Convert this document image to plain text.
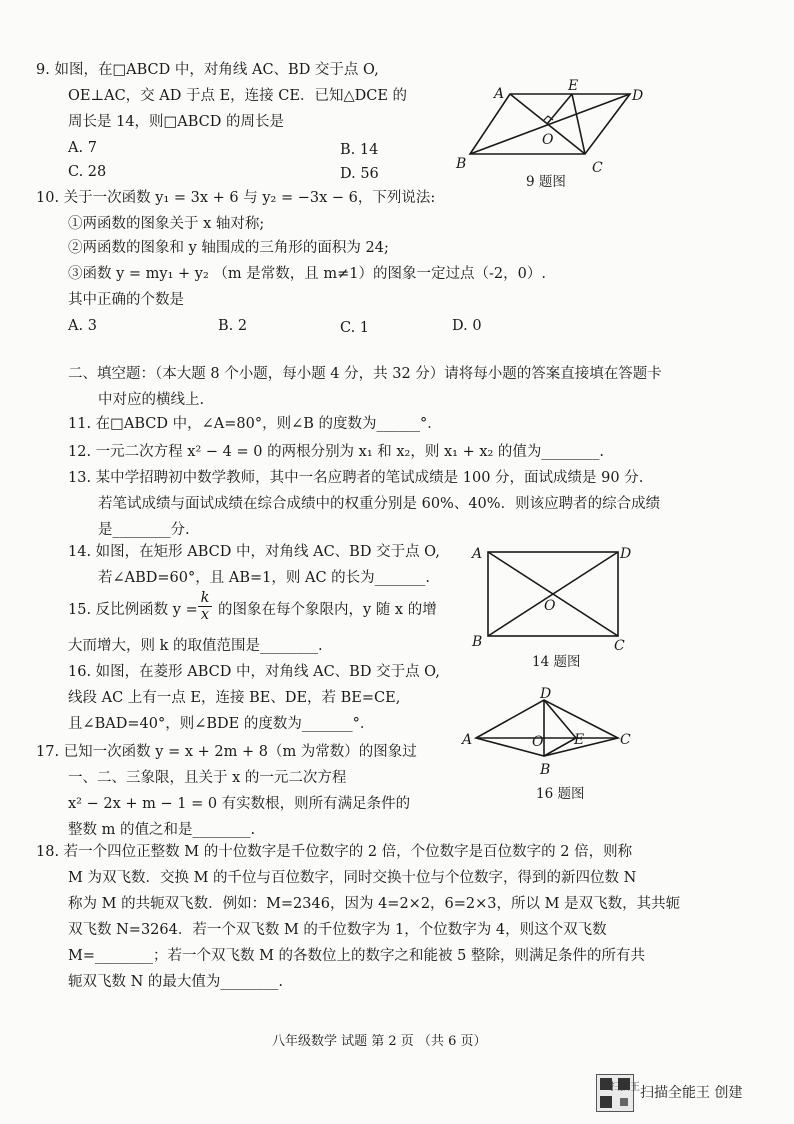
9. 如图，在□ABCD 中，对角线 AC、BD 交于点 O,
OE⊥AC，交 AD 于点 E，连接 CE．已知△DCE 的
周长是 14，则□ABCD 的周长是
A. 7	B. 14
C. 28	D. 56
A	E
D
O
B	C
9 题图
10. 关于一次函数 y₁ = 3x + 6 与 y₂ = −3x − 6，下列说法:
①两函数的图象关于 x 轴对称;
②两函数的图象和 y 轴围成的三角形的面积为 24;
③函数 y = my₁ + y₂ （m 是常数，且 m≠1）的图象一定过点（-2，0）.
其中正确的个数是
A. 3	B. 2	C. 1	D. 0
二、填空题：（本大题 8 个小题，每小题 4 分，共 32 分）请将每小题的答案直接填在答题卡
中对应的横线上.
11. 在□ABCD 中，∠A=80°，则∠B 的度数为______°．
12. 一元二次方程 x² − 4 = 0 的两根分别为 x₁ 和 x₂，则 x₁ + x₂ 的值为________.
13. 某中学招聘初中数学教师，其中一名应聘者的笔试成绩是 100 分，面试成绩是 90 分.
若笔试成绩与面试成绩在综合成绩中的权重分别是 60%、40%．则该应聘者的综合成绩
是________分.
14. 如图，在矩形 ABCD 中，对角线 AC、BD 交于点 O,
若∠ABD=60°，且 AB=1，则 AC 的长为_______.
A	D
O
B	C
14 题图
15. 反比例函数 $y = \frac{k}{x}$ 的图象在每个象限内，y 随 x 的增
大而增大，则 k 的取值范围是________.
16. 如图，在菱形 ABCD 中，对角线 AC、BD 交于点 O,
线段 AC 上有一点 E，连接 BE、DE，若 BE=CE,
且∠BAD=40°，则∠BDE 的度数为_______°．
D
A	O E	C
B
16 题图
17. 已知一次函数 y = x + 2m + 8（m 为常数）的图象过
一、二、三象限，且关于 x 的一元二次方程
x² − 2x + m − 1 = 0 有实数根，则所有满足条件的
整数 m 的值之和是________.
18. 若一个四位正整数 M 的十位数字是千位数字的 2 倍，个位数字是百位数字的 2 倍，则称
M 为双飞数．交换 M 的千位与百位数字，同时交换十位与个位数字，得到的新四位数 N
称为 M 的共轭双飞数．例如：M=2346，因为 4=2×2，6=2×3，所以 M 是双飞数，其共轭
双飞数 N=3264．若一个双飞数 M 的千位数字为 1，个位数字为 4，则这个双飞数
M=________；若一个双飞数 M 的各数位上的数字之和能被 5 整除，则满足条件的所有共
轭双飞数 N 的最大值为________.
八年级数学 试题 第 2 页 （共 6 页）
扫描王 扫描全能王 创建
